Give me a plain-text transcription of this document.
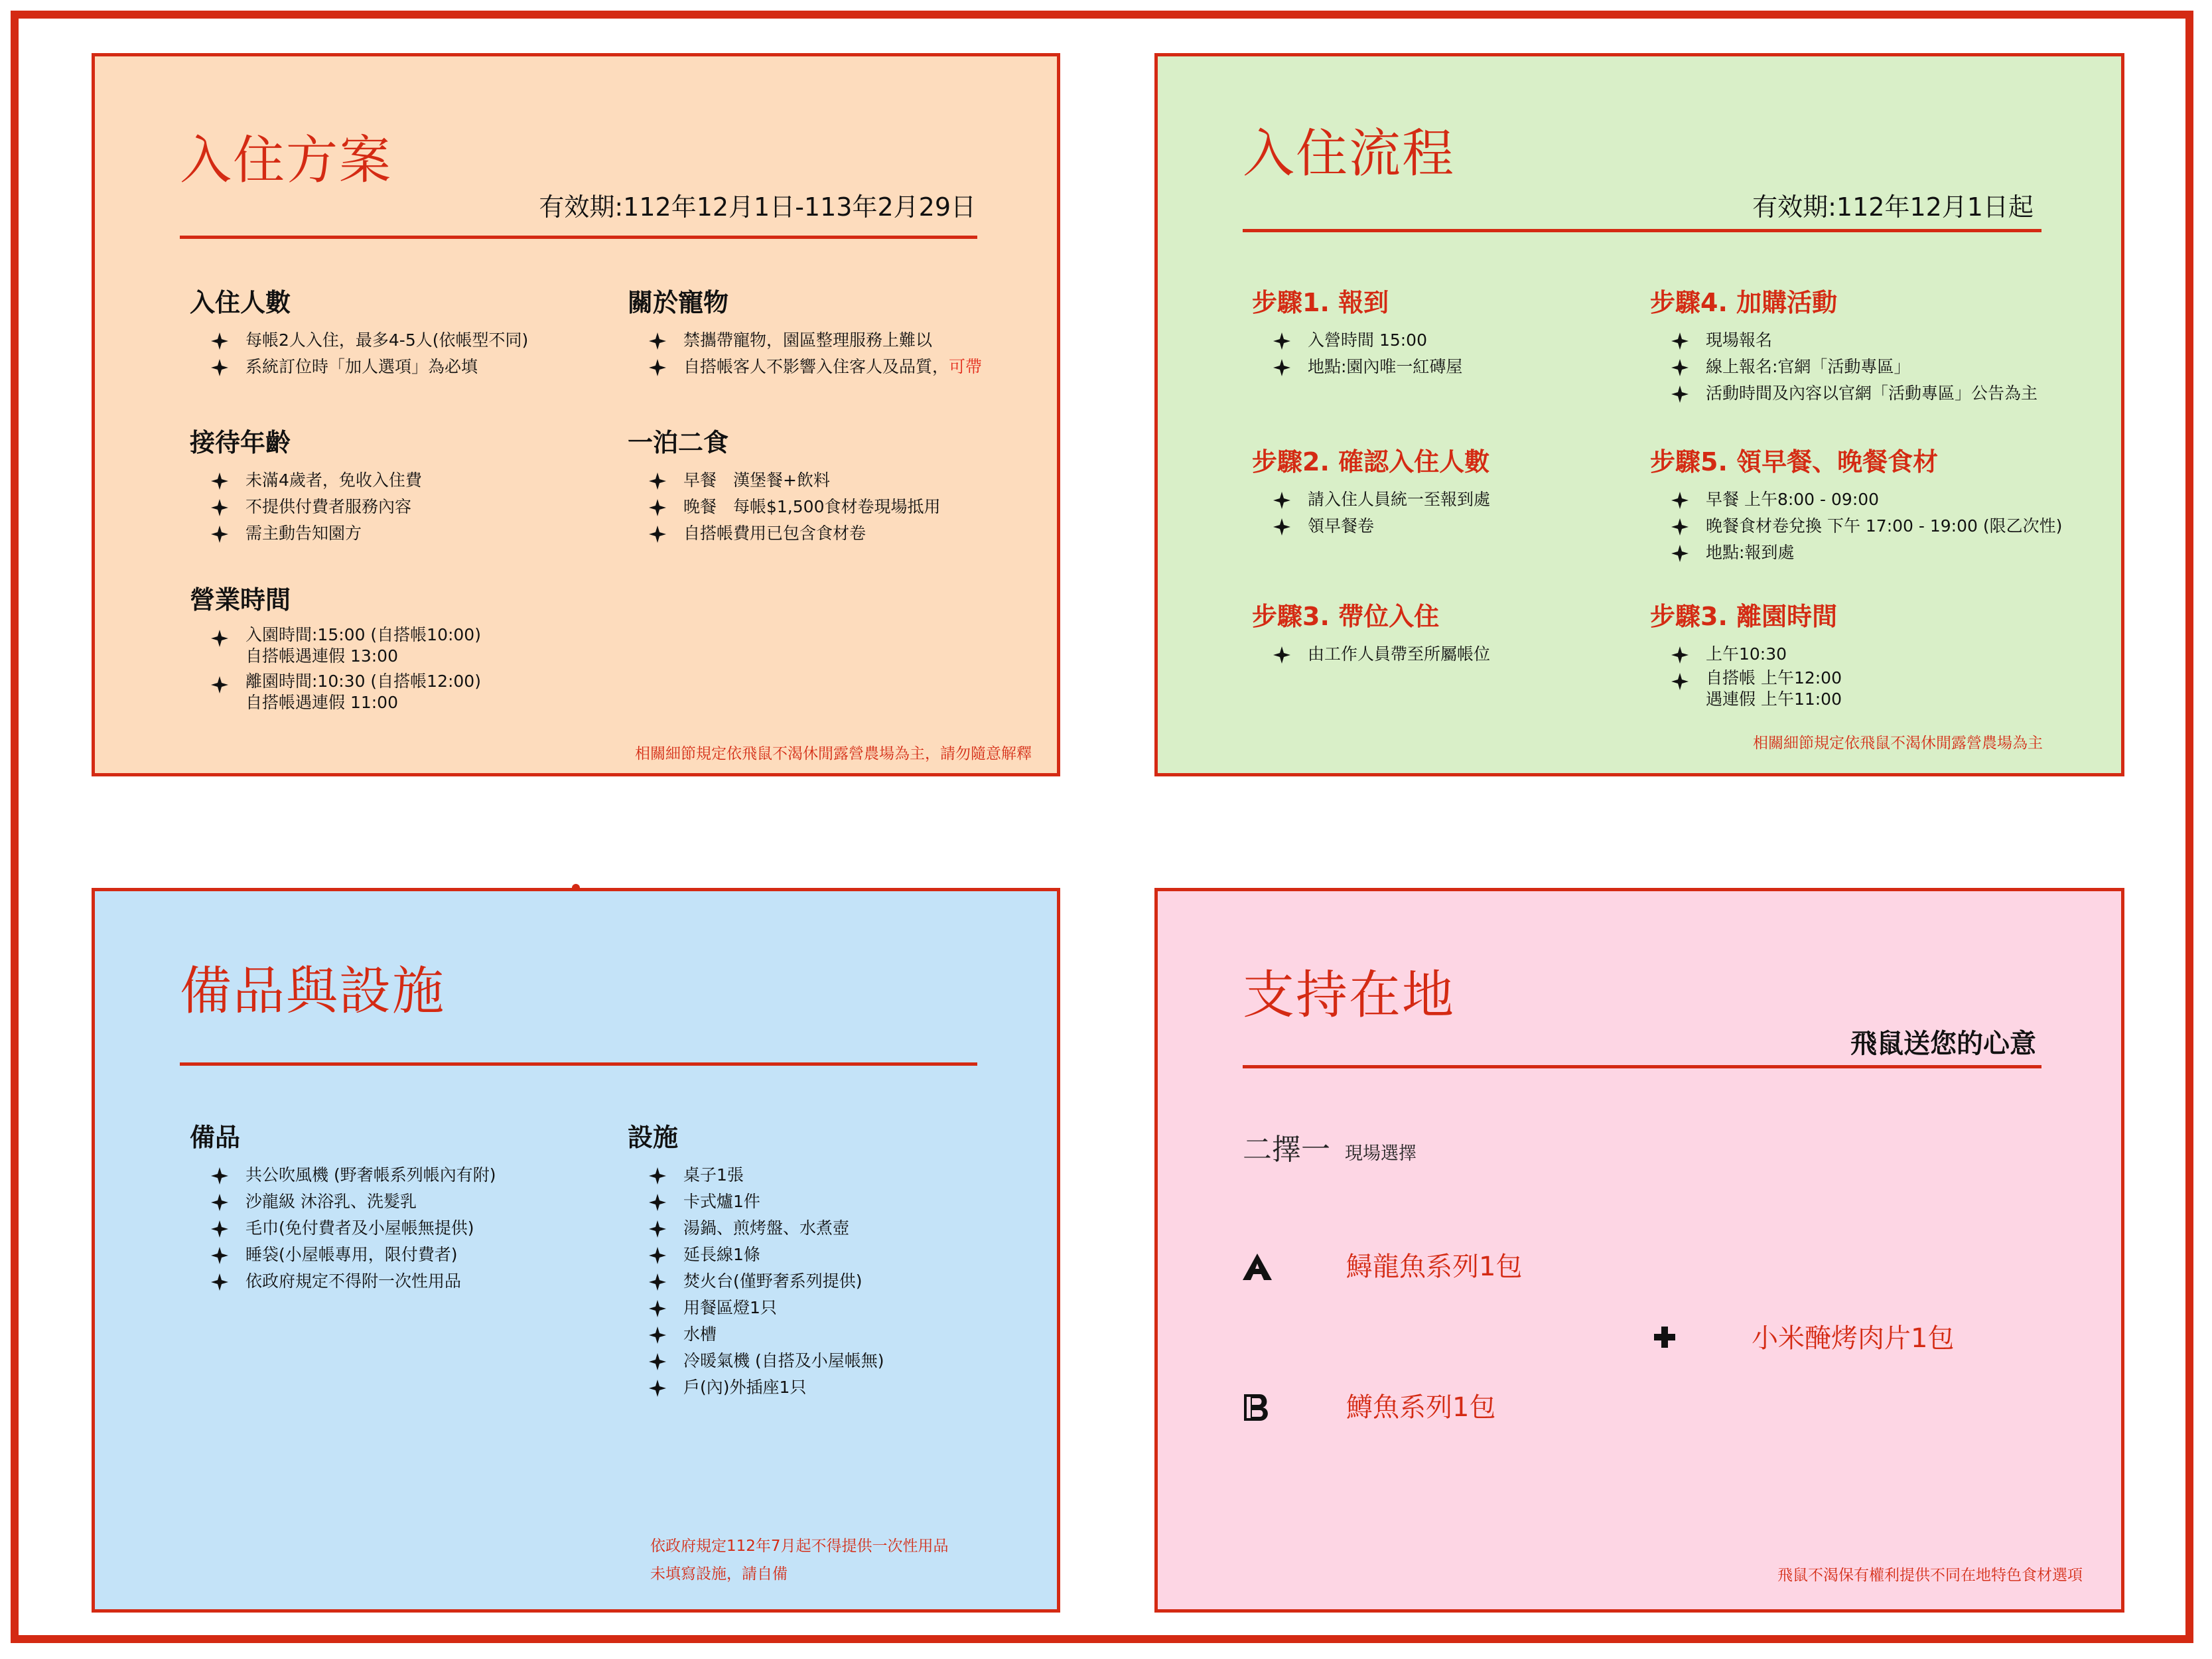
入住方案
有效期:112年12月1日-113年2月29日
入住人數
每帳2人入住，最多4-5人(依帳型不同)
系統訂位時「加人選項」為必填
接待年齡
未滿4歲者，免收入住費
不提供付費者服務內容
需主動告知園方
營業時間
入園時間:15:00 (自搭帳10:00)
自搭帳遇連假 13:00
離園時間:10:30 (自搭帳12:00)
自搭帳遇連假 11:00
關於寵物
禁攜帶寵物，園區整理服務上難以
自搭帳客人不影響入住客人及品質，可帶
一泊二食
早餐　漢堡餐+飲料
晚餐　每帳$1,500食材卷現場抵用
自搭帳費用已包含食材卷
相關細節規定依飛鼠不渴休閒露營農場為主，請勿隨意解釋
入住流程
有效期:112年12月1日起
步驟1. 報到
入營時間 15:00
地點:園內唯一紅磚屋
步驟2. 確認入住人數
請入住人員統一至報到處
領早餐卷
步驟3. 帶位入住
由工作人員帶至所屬帳位
步驟4. 加購活動
現場報名
線上報名:官網「活動專區」
活動時間及內容以官網「活動專區」公告為主
步驟5. 領早餐、晚餐食材
早餐 上午8:00 - 09:00
晚餐食材卷兌換 下午 17:00 - 19:00 (限乙次性)
地點:報到處
步驟3. 離園時間
上午10:30
自搭帳 上午12:00
遇連假 上午11:00
相關細節規定依飛鼠不渴休閒露營農場為主
備品與設施
備品
共公吹風機 (野奢帳系列帳內有附)
沙龍級 沐浴乳、洗髮乳
毛巾(免付費者及小屋帳無提供)
睡袋(小屋帳專用，限付費者)
依政府規定不得附一次性用品
設施
桌子1張
卡式爐1件
湯鍋、煎烤盤、水煮壺
延長線1條
焚火台(僅野奢系列提供)
用餐區燈1只
水槽
冷暖氣機 (自搭及小屋帳無)
戶(內)外插座1只
依政府規定112年7月起不得提供一次性用品
未填寫設施，請自備
支持在地
飛鼠送您的心意
二擇一 現場選擇
鱘龍魚系列1包
鱒魚系列1包
小米醃烤肉片1包
飛鼠不渴保有權利提供不同在地特色食材選項
